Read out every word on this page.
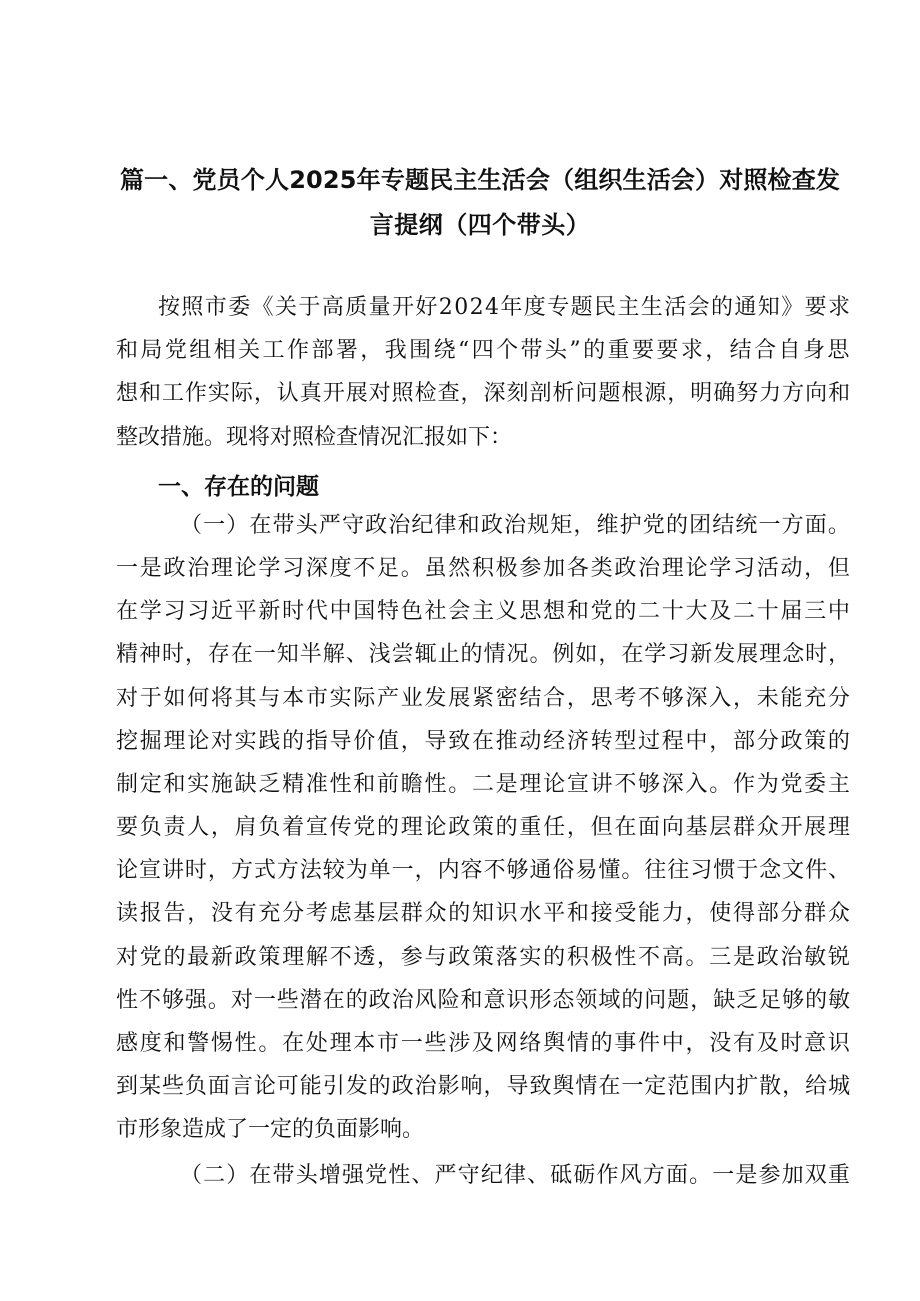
篇一、党员个人2025年专题民主生活会（组织生活会）对照检查发
言提纲（四个带头）
按照市委《关于高质量开好2024年度专题民主生活会的通知》要求
和局党组相关工作部署，我围绕“四个带头”的重要要求，结合自身思
想和工作实际，认真开展对照检查，深刻剖析问题根源，明确努力方向和
整改措施。现将对照检查情况汇报如下：
一、存在的问题
（一）在带头严守政治纪律和政治规矩，维护党的团结统一方面。
一是政治理论学习深度不足。虽然积极参加各类政治理论学习活动，但
在学习习近平新时代中国特色社会主义思想和党的二十大及二十届三中
精神时，存在一知半解、浅尝辄止的情况。例如，在学习新发展理念时，
对于如何将其与本市实际产业发展紧密结合，思考不够深入，未能充分
挖掘理论对实践的指导价值，导致在推动经济转型过程中，部分政策的
制定和实施缺乏精准性和前瞻性。二是理论宣讲不够深入。作为党委主
要负责人，肩负着宣传党的理论政策的重任，但在面向基层群众开展理
论宣讲时，方式方法较为单一，内容不够通俗易懂。往往习惯于念文件、
读报告，没有充分考虑基层群众的知识水平和接受能力，使得部分群众
对党的最新政策理解不透，参与政策落实的积极性不高。三是政治敏锐
性不够强。对一些潜在的政治风险和意识形态领域的问题，缺乏足够的敏
感度和警惕性。在处理本市一些涉及网络舆情的事件中，没有及时意识
到某些负面言论可能引发的政治影响，导致舆情在一定范围内扩散，给城
市形象造成了一定的负面影响。
（二）在带头增强党性、严守纪律、砥砺作风方面。一是参加双重
